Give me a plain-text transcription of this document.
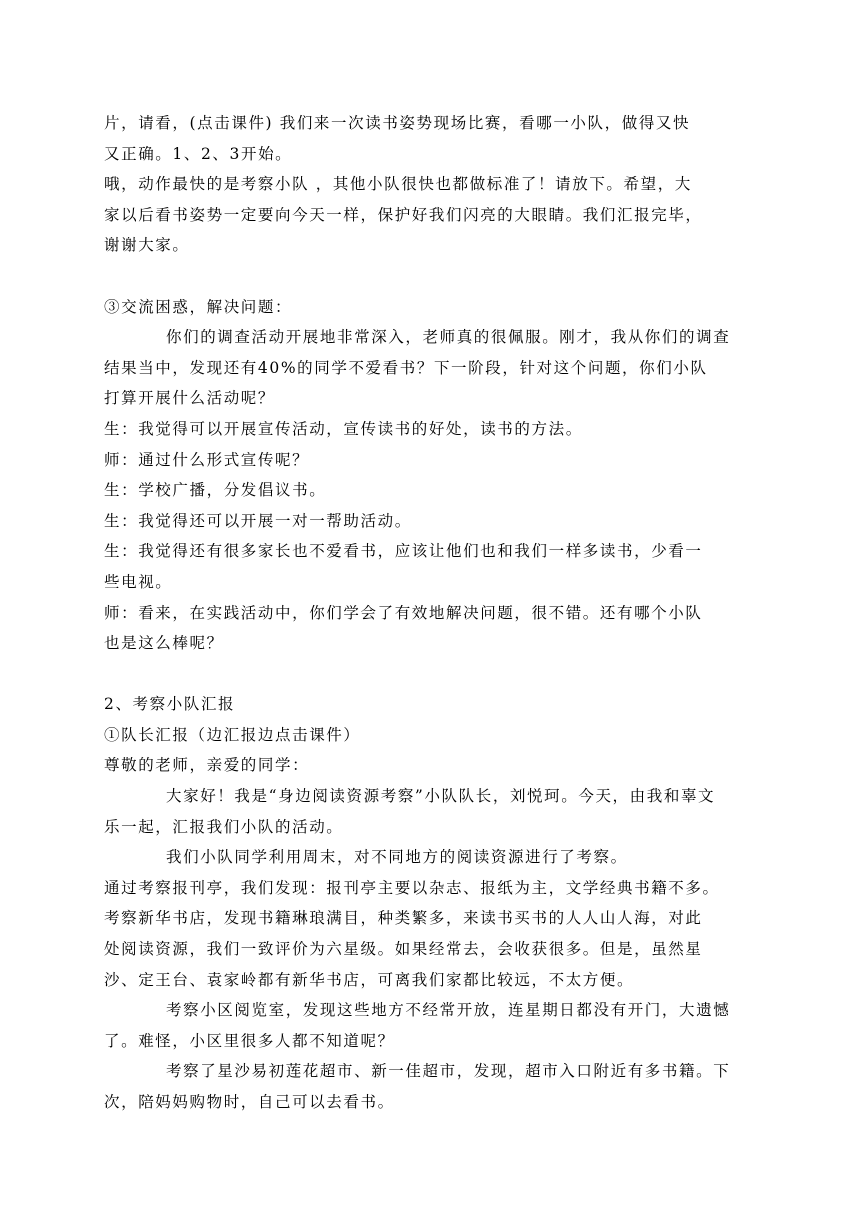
片，请看，(点击课件) 我们来一次读书姿势现场比赛，看哪一小队，做得又快
又正确。1、2、3开始。
哦，动作最快的是考察小队 ，其他小队很快也都做标准了！请放下。希望，大
家以后看书姿势一定要向今天一样，保护好我们闪亮的大眼睛。我们汇报完毕，
谢谢大家。
③交流困惑，解决问题：
你们的调查活动开展地非常深入，老师真的很佩服。刚才，我从你们的调查
结果当中，发现还有40%的同学不爱看书？下一阶段，针对这个问题，你们小队
打算开展什么活动呢？
生：我觉得可以开展宣传活动，宣传读书的好处，读书的方法。
师：通过什么形式宣传呢？
生：学校广播，分发倡议书。
生：我觉得还可以开展一对一帮助活动。
生：我觉得还有很多家长也不爱看书，应该让他们也和我们一样多读书，少看一
些电视。
师：看来，在实践活动中，你们学会了有效地解决问题，很不错。还有哪个小队
也是这么棒呢？
2、考察小队汇报
①队长汇报（边汇报边点击课件）
尊敬的老师，亲爱的同学：
大家好！我是“身边阅读资源考察”小队队长，刘悦珂。今天，由我和辜文
乐一起，汇报我们小队的活动。
我们小队同学利用周末，对不同地方的阅读资源进行了考察。
通过考察报刊亭，我们发现：报刊亭主要以杂志、报纸为主，文学经典书籍不多。
考察新华书店，发现书籍琳琅满目，种类繁多，来读书买书的人人山人海，对此
处阅读资源，我们一致评价为六星级。如果经常去，会收获很多。但是，虽然星
沙、定王台、袁家岭都有新华书店，可离我们家都比较远，不太方便。
考察小区阅览室，发现这些地方不经常开放，连星期日都没有开门，大遗憾
了。难怪，小区里很多人都不知道呢？
考察了星沙易初莲花超市、新一佳超市，发现，超市入口附近有多书籍。下
次，陪妈妈购物时，自己可以去看书。
